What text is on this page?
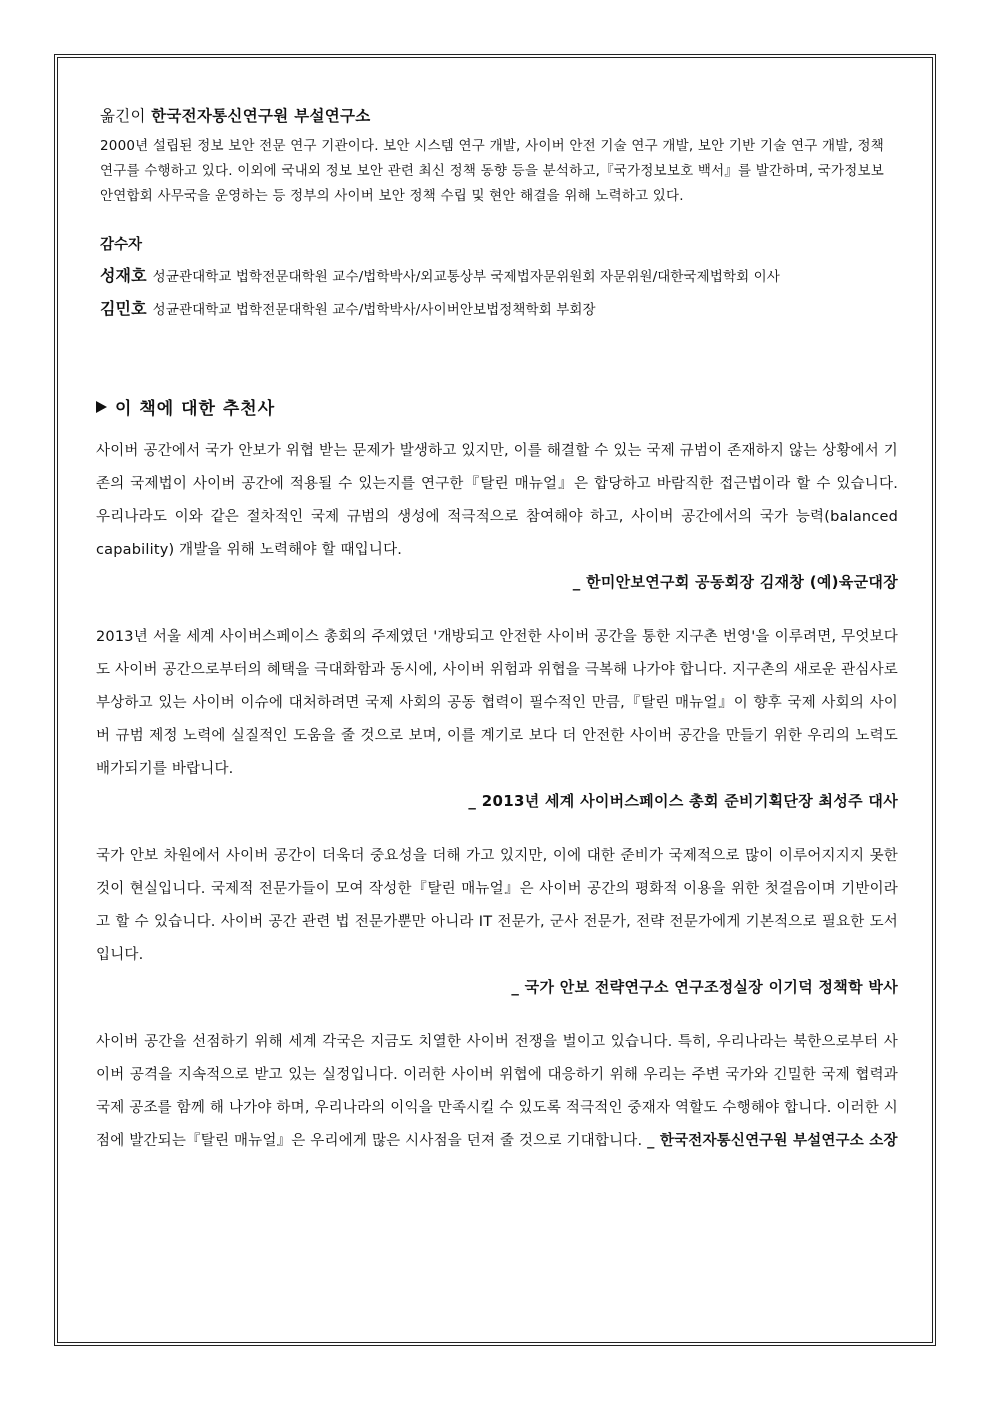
옮긴이 한국전자통신연구원 부설연구소

2000년 설립된 정보 보안 전문 연구 기관이다. 보안 시스템 연구 개발, 사이버 안전 기술 연구 개발, 보안 기반 기술 연구 개발, 정책 연구를 수행하고 있다. 이외에 국내외 정보 보안 관련 최신 정책 동향 등을 분석하고,『국가정보보호 백서』를 발간하며, 국가정보보안연합회 사무국을 운영하는 등 정부의 사이버 보안 정책 수립 및 현안 해결을 위해 노력하고 있다.

감수자
성재호 성균관대학교 법학전문대학원 교수/법학박사/외교통상부 국제법자문위원회 자문위원/대한국제법학회 이사
김민호 성균관대학교 법학전문대학원 교수/법학박사/사이버안보법정책학회 부회장
이 책에 대한 추천사

사이버 공간에서 국가 안보가 위협 받는 문제가 발생하고 있지만, 이를 해결할 수 있는 국제 규범이 존재하지 않는 상황에서 기존의 국제법이 사이버 공간에 적용될 수 있는지를 연구한『탈린 매뉴얼』은 합당하고 바람직한 접근법이라 할 수 있습니다. 우리나라도 이와 같은 절차적인 국제 규범의 생성에 적극적으로 참여해야 하고, 사이버 공간에서의 국가 능력(balanced capability) 개발을 위해 노력해야 할 때입니다.

_ 한미안보연구회 공동회장 김재창 (예)육군대장

2013년 서울 세계 사이버스페이스 총회의 주제였던 '개방되고 안전한 사이버 공간을 통한 지구촌 번영'을 이루려면, 무엇보다도 사이버 공간으로부터의 혜택을 극대화함과 동시에, 사이버 위험과 위협을 극복해 나가야 합니다. 지구촌의 새로운 관심사로 부상하고 있는 사이버 이슈에 대처하려면 국제 사회의 공동 협력이 필수적인 만큼,『탈린 매뉴얼』이 향후 국제 사회의 사이버 규범 제정 노력에 실질적인 도움을 줄 것으로 보며, 이를 계기로 보다 더 안전한 사이버 공간을 만들기 위한 우리의 노력도 배가되기를 바랍니다.

_ 2013년 세계 사이버스페이스 총회 준비기획단장 최성주 대사

국가 안보 차원에서 사이버 공간이 더욱더 중요성을 더해 가고 있지만, 이에 대한 준비가 국제적으로 많이 이루어지지지 못한 것이 현실입니다. 국제적 전문가들이 모여 작성한『탈린 매뉴얼』은 사이버 공간의 평화적 이용을 위한 첫걸음이며 기반이라고 할 수 있습니다. 사이버 공간 관련 법 전문가뿐만 아니라 IT 전문가, 군사 전문가, 전략 전문가에게 기본적으로 필요한 도서입니다.

_ 국가 안보 전략연구소 연구조정실장 이기덕 정책학 박사

사이버 공간을 선점하기 위해 세계 각국은 지금도 치열한 사이버 전쟁을 벌이고 있습니다. 특히, 우리나라는 북한으로부터 사이버 공격을 지속적으로 받고 있는 실정입니다. 이러한 사이버 위협에 대응하기 위해 우리는 주변 국가와 긴밀한 국제 협력과 국제 공조를 함께 해 나가야 하며, 우리나라의 이익을 만족시킬 수 있도록 적극적인 중재자 역할도 수행해야 합니다. 이러한 시점에 발간되는『탈린 매뉴얼』은 우리에게 많은 시사점을 던져 줄 것으로 기대합니다. _ 한국전자통신연구원 부설연구소 소장
